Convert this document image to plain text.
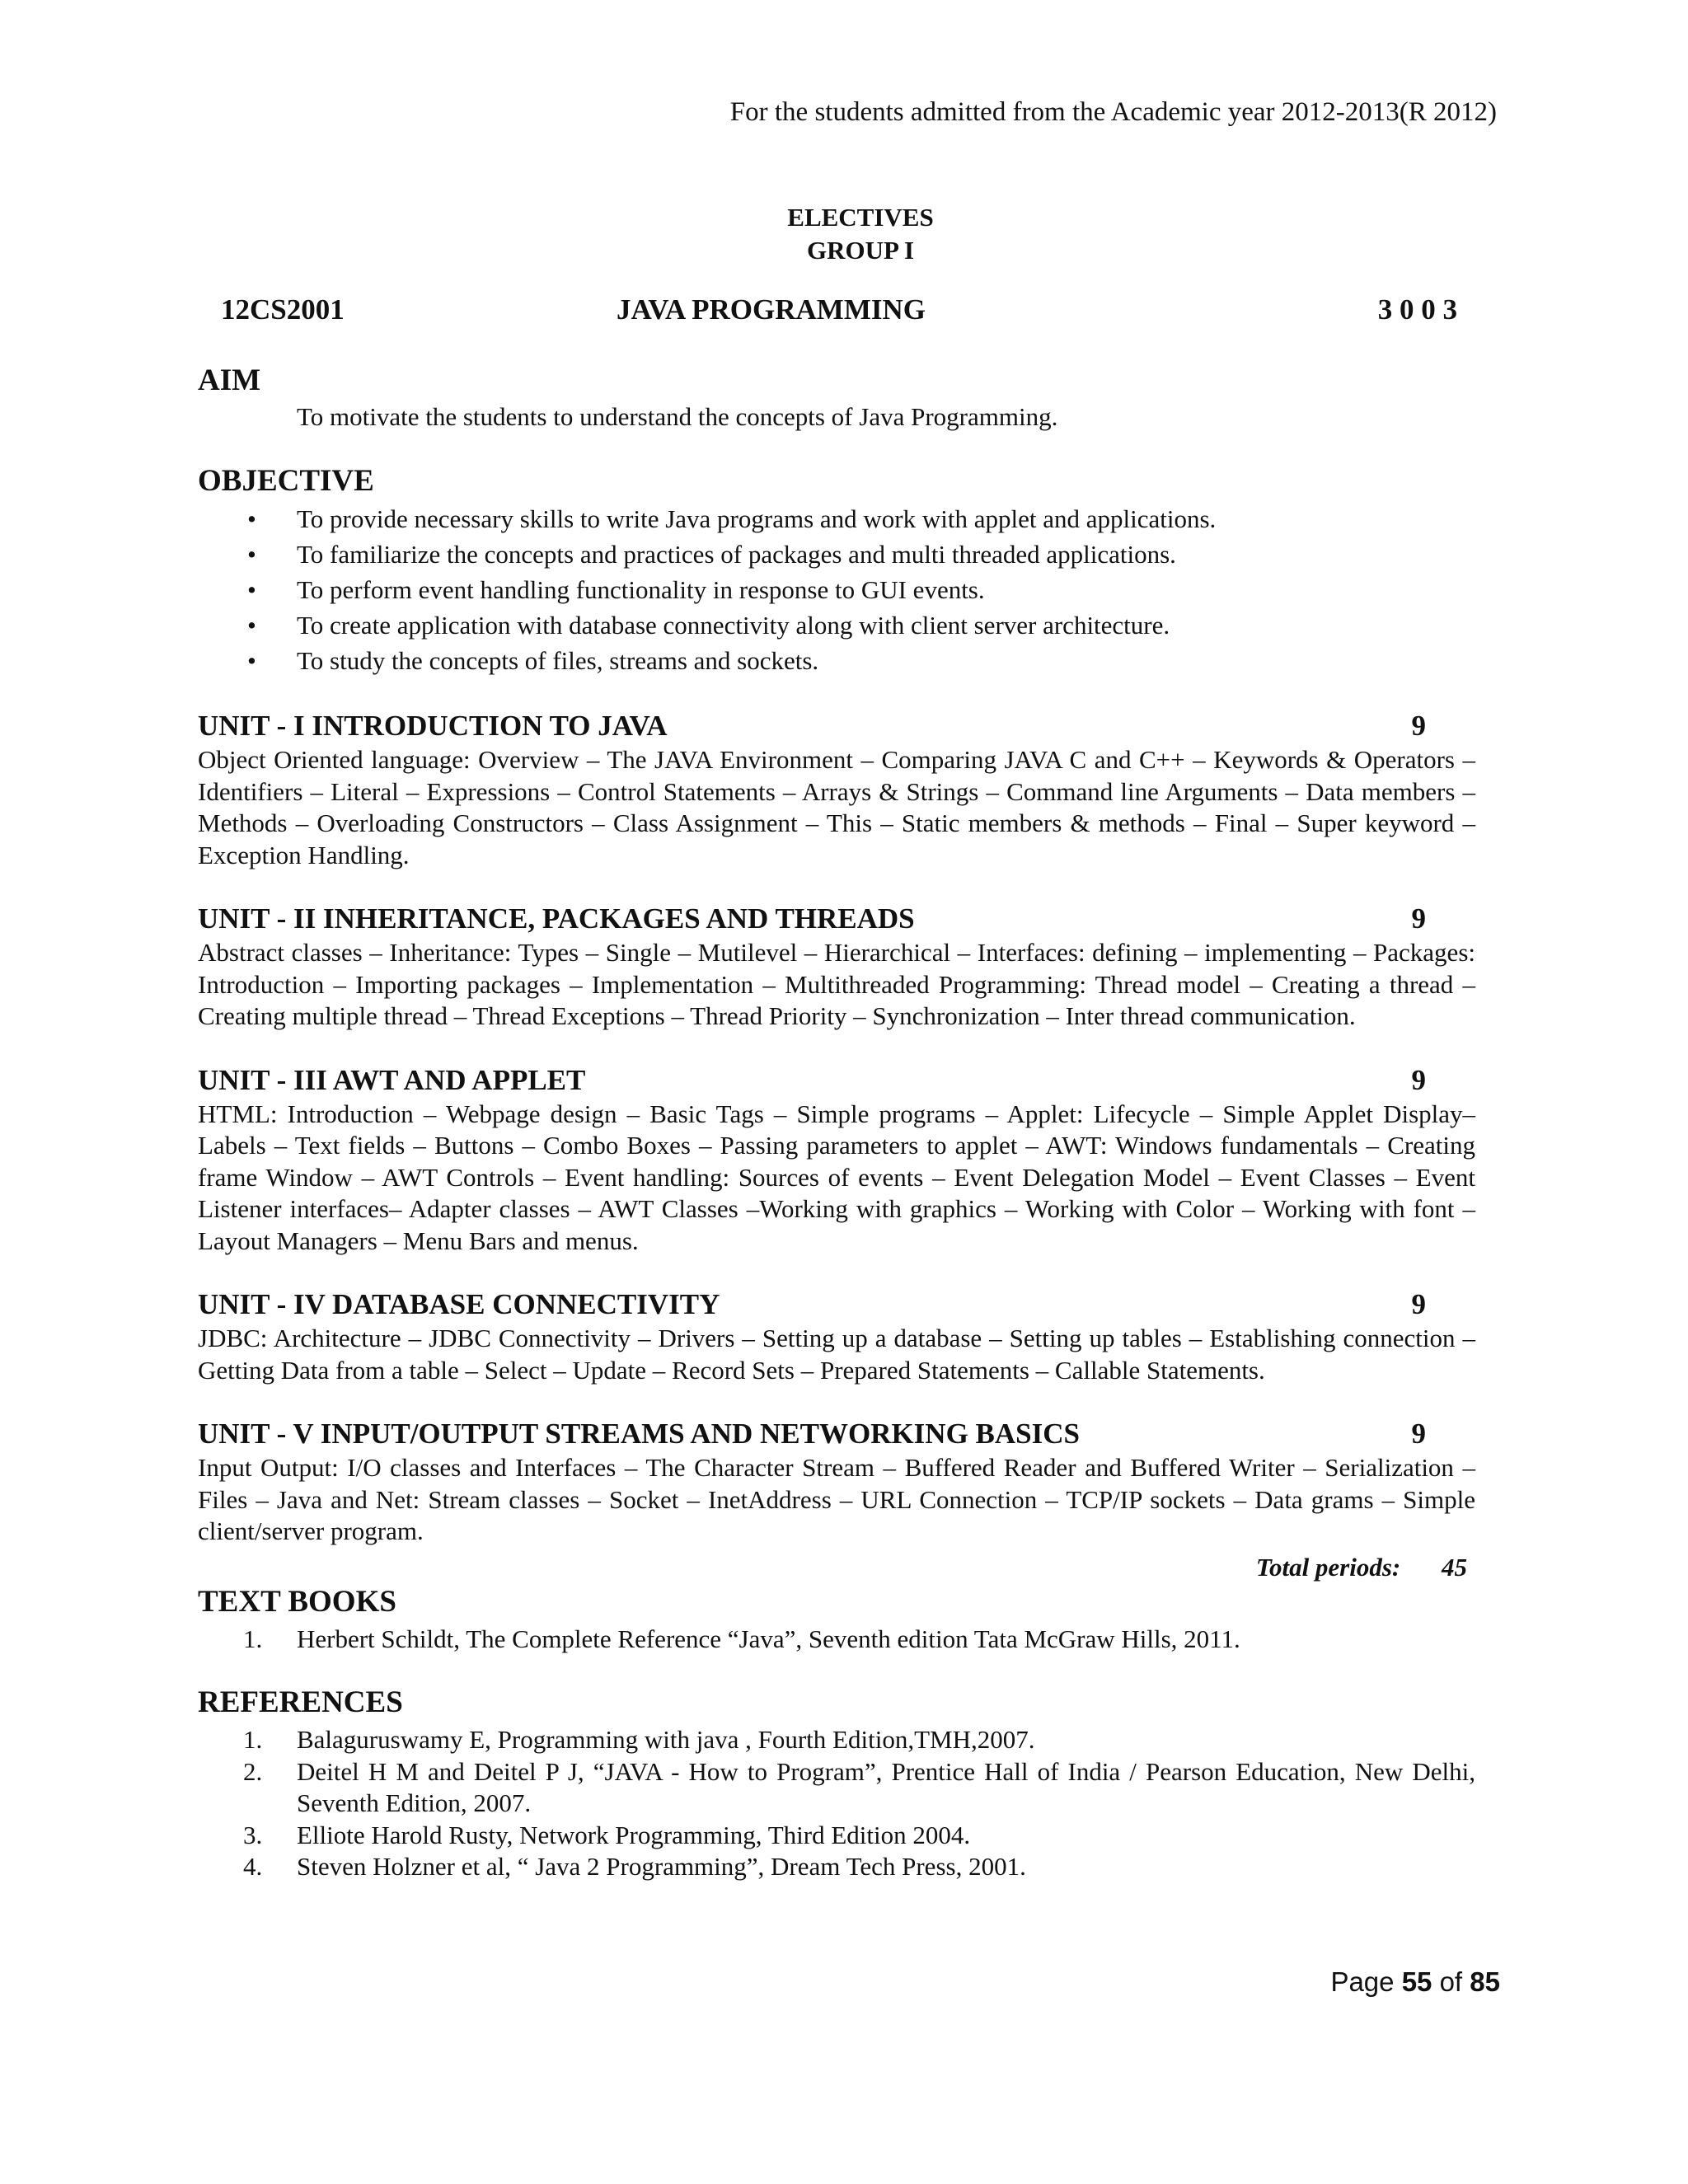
For the students admitted from the Academic year 2012-2013(R 2012)
ELECTIVES
GROUP I
12CS2001	JAVA PROGRAMMING	3 0 0 3
AIM

To motivate the students to understand the concepts of Java Programming.

OBJECTIVE
• To provide necessary skills to write Java programs and work with applet and applications.
• To familiarize the concepts and practices of packages and multi threaded applications.
• To perform event handling functionality in response to GUI events.
• To create application with database connectivity along with client server architecture.
• To study the concepts of files, streams and sockets.
UNIT - I INTRODUCTION TO JAVA	9

Object Oriented language: Overview – The JAVA Environment – Comparing JAVA C and C++ – Keywords & Operators – Identifiers – Literal – Expressions – Control Statements – Arrays & Strings – Command line Arguments – Data members – Methods – Overloading Constructors – Class Assignment – This – Static members & methods – Final – Super keyword – Exception Handling.

UNIT - II INHERITANCE, PACKAGES AND THREADS	9

Abstract classes – Inheritance: Types – Single – Mutilevel – Hierarchical – Interfaces: defining – implementing – Packages: Introduction – Importing packages – Implementation – Multithreaded Programming: Thread model – Creating a thread – Creating multiple thread – Thread Exceptions – Thread Priority – Synchronization – Inter thread communication.

UNIT - III AWT AND APPLET	9

HTML: Introduction – Webpage design – Basic Tags – Simple programs – Applet: Lifecycle – Simple Applet Display– Labels – Text fields – Buttons – Combo Boxes – Passing parameters to applet – AWT: Windows fundamentals – Creating frame Window – AWT Controls – Event handling: Sources of events – Event Delegation Model – Event Classes – Event Listener interfaces– Adapter classes – AWT Classes –Working with graphics – Working with Color – Working with font – Layout Managers – Menu Bars and menus.

UNIT - IV DATABASE CONNECTIVITY	9

JDBC: Architecture – JDBC Connectivity – Drivers – Setting up a database – Setting up tables – Establishing connection – Getting Data from a table – Select – Update – Record Sets – Prepared Statements – Callable Statements.

UNIT - V INPUT/OUTPUT STREAMS AND NETWORKING BASICS	9

Input Output: I/O classes and Interfaces – The Character Stream – Buffered Reader and Buffered Writer – Serialization – Files – Java and Net: Stream classes – Socket – InetAddress – URL Connection – TCP/IP sockets – Data grams – Simple client/server program.

Total periods: 45
TEXT BOOKS
1. Herbert Schildt, The Complete Reference “Java”, Seventh edition Tata McGraw Hills, 2011.
REFERENCES
1. Balaguruswamy E, Programming with java , Fourth Edition,TMH,2007.
2. Deitel H M and Deitel P J, “JAVA - How to Program”, Prentice Hall of India / Pearson Education, New Delhi, Seventh Edition, 2007.
3. Elliote Harold Rusty, Network Programming, Third Edition 2004.
4. Steven Holzner et al, “ Java 2 Programming”, Dream Tech Press, 2001.
Page 55 of 85
